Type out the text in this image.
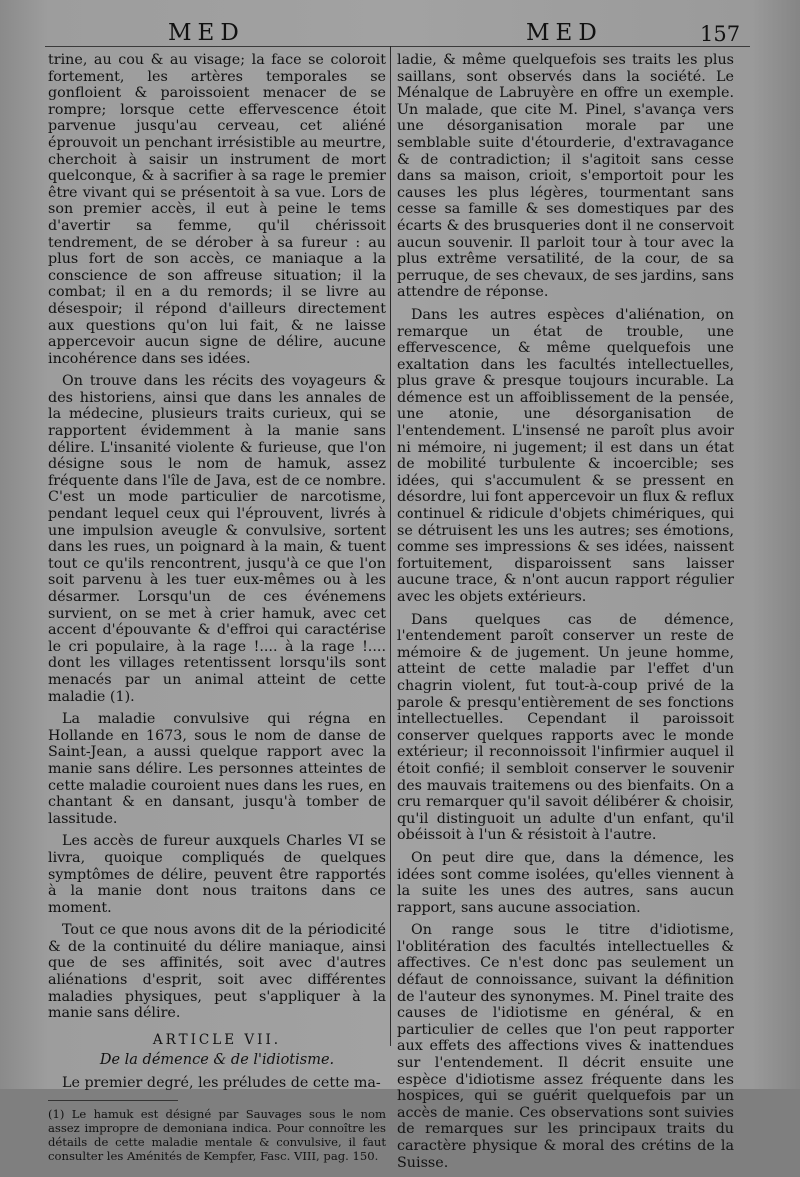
MED	MED	157

trine, au cou & au visage; la face se coloroit fortement, les artères temporales se gonfloient & paroissoient menacer de se rompre; lorsque cette effervescence étoit parvenue jusqu'au cerveau, cet aliéné éprouvoit un penchant irrésistible au meurtre, cherchoit à saisir un instrument de mort quelconque, & à sacrifier à sa rage le premier être vivant qui se présentoit à sa vue. Lors de son premier accès, il eut à peine le tems d'avertir sa femme, qu'il chérissoit tendrement, de se dérober à sa fureur : au plus fort de son accès, ce maniaque a la conscience de son affreuse situation; il la combat; il en a du remords; il se livre au désespoir; il répond d'ailleurs directement aux questions qu'on lui fait, & ne laisse appercevoir aucun signe de délire, aucune incohérence dans ses idées.

On trouve dans les récits des voyageurs & des historiens, ainsi que dans les annales de la médecine, plusieurs traits curieux, qui se rapportent évidemment à la manie sans délire. L'insanité violente & furieuse, que l'on désigne sous le nom de hamuk, assez fréquente dans l'île de Java, est de ce nombre. C'est un mode particulier de narcotisme, pendant lequel ceux qui l'éprouvent, livrés à une impulsion aveugle & convulsive, sortent dans les rues, un poignard à la main, & tuent tout ce qu'ils rencontrent, jusqu'à ce que l'on soit parvenu à les tuer eux-mêmes ou à les désarmer. Lorsqu'un de ces événemens survient, on se met à crier hamuk, avec cet accent d'épouvante & d'effroi qui caractérise le cri populaire, à la rage !.... à la rage !.... dont les villages retentissent lorsqu'ils sont menacés par un animal atteint de cette maladie (1).

La maladie convulsive qui régna en Hollande en 1673, sous le nom de danse de Saint-Jean, a aussi quelque rapport avec la manie sans délire. Les personnes atteintes de cette maladie couroient nues dans les rues, en chantant & en dansant, jusqu'à tomber de lassitude.

Les accès de fureur auxquels Charles VI se livra, quoique compliqués de quelques symptômes de délire, peuvent être rapportés à la manie dont nous traitons dans ce moment.

Tout ce que nous avons dit de la périodicité & de la continuité du délire maniaque, ainsi que de ses affinités, soit avec d'autres aliénations d'esprit, soit avec différentes maladies physiques, peut s'appliquer à la manie sans délire.

ARTICLE VII.
De la démence & de l'idiotisme.

Le premier degré, les préludes de cette ma-

(1) Le hamuk est désigné par Sauvages sous le nom assez impropre de demoniana indica. Pour connoître les détails de cette maladie mentale & convulsive, il faut consulter les Aménités de Kempfer, Fasc. VIII, pag. 150.

ladie, & même quelquefois ses traits les plus saillans, sont observés dans la société. Le Ménalque de Labruyère en offre un exemple. Un malade, que cite M. Pinel, s'avança vers une désorganisation morale par une semblable suite d'étourderie, d'extravagance & de contradiction; il s'agitoit sans cesse dans sa maison, crioit, s'emportoit pour les causes les plus légères, tourmentant sans cesse sa famille & ses domestiques par des écarts & des brusqueries dont il ne conservoit aucun souvenir. Il parloit tour à tour avec la plus extrême versatilité, de la cour, de sa perruque, de ses chevaux, de ses jardins, sans attendre de réponse.

Dans les autres espèces d'aliénation, on remarque un état de trouble, une effervescence, & même quelquefois une exaltation dans les facultés intellectuelles, plus grave & presque toujours incurable. La démence est un affoiblissement de la pensée, une atonie, une désorganisation de l'entendement. L'insensé ne paroît plus avoir ni mémoire, ni jugement; il est dans un état de mobilité turbulente & incoercible; ses idées, qui s'accumulent & se pressent en désordre, lui font appercevoir un flux & reflux continuel & ridicule d'objets chimériques, qui se détruisent les uns les autres; ses émotions, comme ses impressions & ses idées, naissent fortuitement, disparoissent sans laisser aucune trace, & n'ont aucun rapport régulier avec les objets extérieurs.

Dans quelques cas de démence, l'entendement paroît conserver un reste de mémoire & de jugement. Un jeune homme, atteint de cette maladie par l'effet d'un chagrin violent, fut tout-à-coup privé de la parole & presqu'entièrement de ses fonctions intellectuelles. Cependant il paroissoit conserver quelques rapports avec le monde extérieur; il reconnoissoit l'infirmier auquel il étoit confié; il sembloit conserver le souvenir des mauvais traitemens ou des bienfaits. On a cru remarquer qu'il savoit délibérer & choisir, qu'il distinguoit un adulte d'un enfant, qu'il obéissoit à l'un & résistoit à l'autre.

On peut dire que, dans la démence, les idées sont comme isolées, qu'elles viennent à la suite les unes des autres, sans aucun rapport, sans aucune association.

On range sous le titre d'idiotisme, l'oblitération des facultés intellectuelles & affectives. Ce n'est donc pas seulement un défaut de connoissance, suivant la définition de l'auteur des synonymes. M. Pinel traite des causes de l'idiotisme en général, & en particulier de celles que l'on peut rapporter aux effets des affections vives & inattendues sur l'entendement. Il décrit ensuite une espèce d'idiotisme assez fréquente dans les hospices, qui se guérit quelquefois par un accès de manie. Ces observations sont suivies de remarques sur les principaux traits du caractère physique & moral des crétins de la Suisse.
